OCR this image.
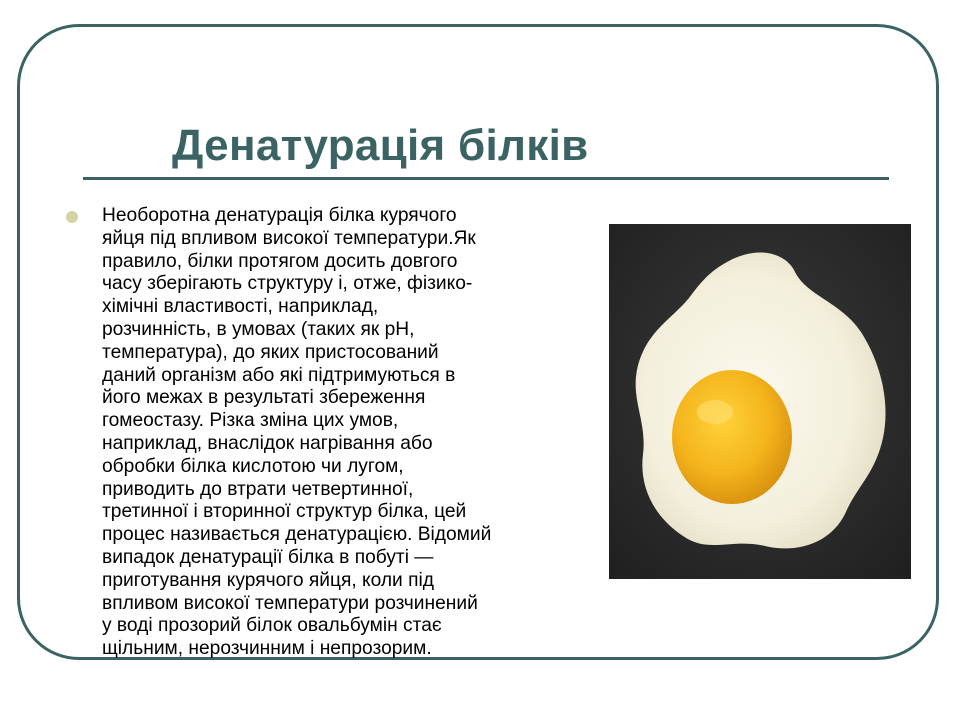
Денатурація білків

Необоротна денатурація білка курячого
яйця під впливом високої температури.Як
правило, білки протягом досить довгого
часу зберігають структуру і, отже, фізико-
хімічні властивості, наприклад,
розчинність, в умовах (таких як pH,
температура), до яких пристосований
даний організм або які підтримуються в
його межах в результаті збереження
гомеостазу. Різка зміна цих умов,
наприклад, внаслідок нагрівання або
обробки білка кислотою чи лугом,
приводить до втрати четвертинної,
третинної і вторинної структур білка, цей
процес називається денатурацією. Відомий
випадок денатурації білка в побуті —
приготування курячого яйця, коли під
впливом високої температури розчинений
у воді прозорий білок овальбумін стає
щільним, нерозчинним і непрозорим.
